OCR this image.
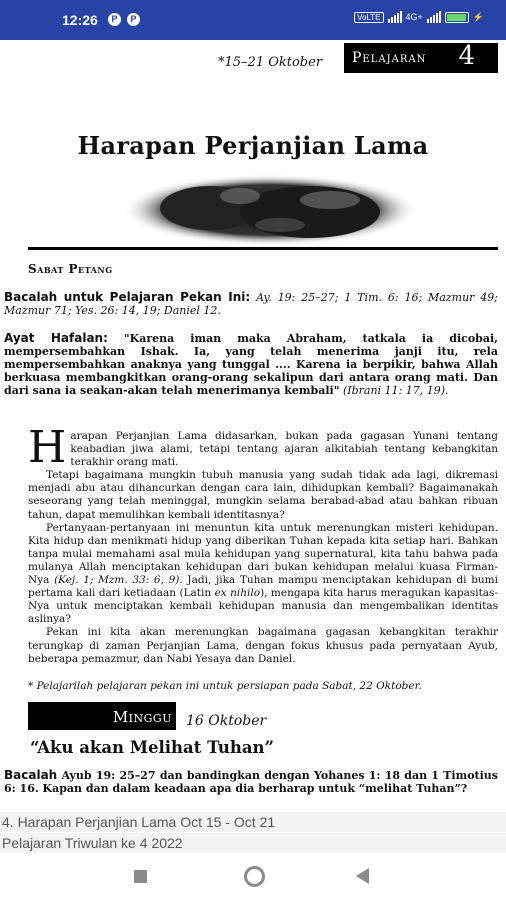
12:26	P	P	VoLTE	4G+	⚡
*15–21 Oktober	Pelajaran 4
Harapan Perjanjian Lama
Sabat Petang
Bacalah untuk Pelajaran Pekan Ini: Ay. 19: 25–27; 1 Tim. 6: 16; Mazmur 49; Mazmur 71; Yes. 26: 14, 19; Daniel 12.
Ayat Hafalan: "Karena iman maka Abraham, tatkala ia dicobai, mempersembahkan Ishak. Ia, yang telah menerima janji itu, rela mempersembahkan anaknya yang tunggal .... Karena ia berpikir, bahwa Allah berkuasa membangkitkan orang-orang sekalipun dari antara orang mati. Dan dari sana ia seakan-akan telah menerimanya kembali" (Ibrani 11: 17, 19).

Harapan Perjanjian Lama didasarkan, bukan pada gagasan Yunani tentang keabadian jiwa alami, tetapi tentang ajaran alkitabiah tentang kebangkitan terakhir orang mati.

Tetapi bagaimana mungkin tubuh manusia yang sudah tidak ada lagi, dikremasi menjadi abu atau dihancurkan dengan cara lain, dihidupkan kembali? Bagaimanakah seseorang yang telah meninggal, mungkin selama berabad-abad atau bahkan ribuan tahun, dapat memulihkan kembali identitasnya?

Pertanyaan-pertanyaan ini menuntun kita untuk merenungkan misteri kehidupan. Kita hidup dan menikmati hidup yang diberikan Tuhan kepada kita setiap hari. Bahkan tanpa mulai memahami asal mula kehidupan yang supernatural, kita tahu bahwa pada mulanya Allah menciptakan kehidupan dari bukan kehidupan melalui kuasa Firman-Nya (Kej. 1; Mzm. 33: 6, 9). Jadi, jika Tuhan mampu menciptakan kehidupan di bumi pertama kali dari ketiadaan (Latin ex nihilo), mengapa kita harus meragukan kapasitas-Nya untuk menciptakan kembali kehidupan manusia dan mengembalikan identitas aslinya?

Pekan ini kita akan merenungkan bagaimana gagasan kebangkitan terakhir terungkap di zaman Perjanjian Lama, dengan fokus khusus pada pernyataan Ayub, beberapa pemazmur, dan Nabi Yesaya dan Daniel.

* Pelajarilah pelajaran pekan ini untuk persiapan pada Sabat, 22 Oktober.
Minggu 16 Oktober
“Aku akan Melihat Tuhan”
Bacalah Ayub 19: 25–27 dan bandingkan dengan Yohanes 1: 18 dan 1 Timotius 6: 16. Kapan dan dalam keadaan apa dia berharap untuk “melihat Tuhan”?
4. Harapan Perjanjian Lama Oct 15 - Oct 21
Pelajaran Triwulan ke 4 2022
